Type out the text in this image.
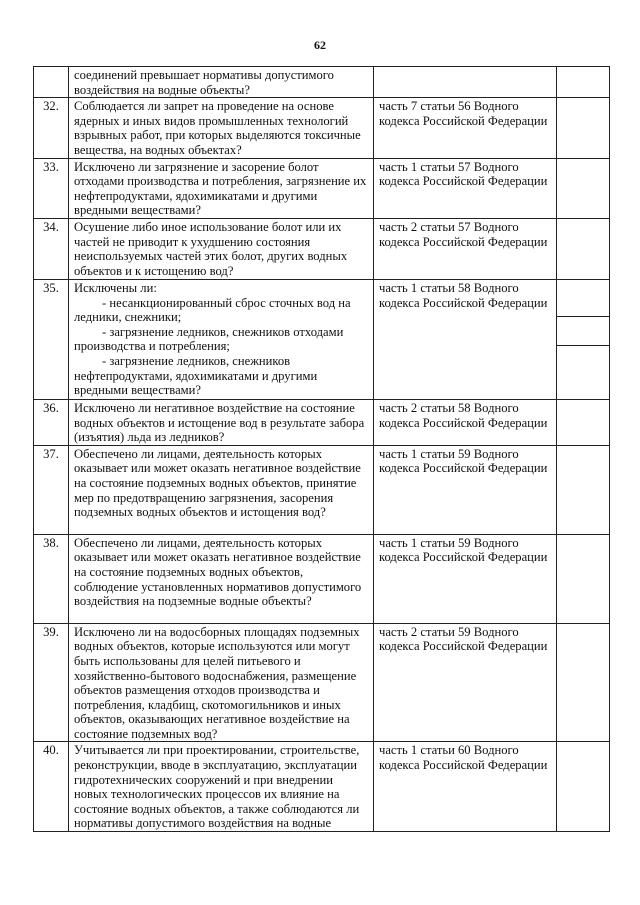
62
	соединений превышает нормативы допустимого воздействия на водные объекты?		
32.	Соблюдается ли запрет на проведение на основе ядерных и иных видов промышленных технологий взрывных работ, при которых выделяются токсичные вещества, на водных объектах?	часть 7 статьи 56 Водного кодекса Российской Федерации	
33.	Исключено ли загрязнение и засорение болот отходами производства и потребления, загрязнение их нефтепродуктами, ядохимикатами и другими вредными веществами?	часть 1 статьи 57 Водного кодекса Российской Федерации	
34.	Осушение либо иное использование болот или их частей не приводит к ухудшению состояния неиспользуемых частей этих болот, других водных объектов и к истощению вод?	часть 2 статьи 57 Водного кодекса Российской Федерации	
35.	Исключены ли:
- несанкционированный сброс сточных вод на ледники, снежники;
- загрязнение ледников, снежников отходами производства и потребления;
- загрязнение ледников, снежников нефтепродуктами, ядохимикатами и другими вредными веществами?	часть 1 статьи 58 Водного кодекса Российской Федерации	

36.	Исключено ли негативное воздействие на состояние водных объектов и истощение вод в результате забора (изъятия) льда из ледников?	часть 2 статьи 58 Водного кодекса Российской Федерации	
37.	Обеспечено ли лицами, деятельность которых оказывает или может оказать негативное воздействие на состояние подземных водных объектов, принятие мер по предотвращению загрязнения, засорения подземных водных объектов и истощения вод?	часть 1 статьи 59 Водного кодекса Российской Федерации	
38.	Обеспечено ли лицами, деятельность которых оказывает или может оказать негативное воздействие на состояние подземных водных объектов, соблюдение установленных нормативов допустимого воздействия на подземные водные объекты?	часть 1 статьи 59 Водного кодекса Российской Федерации	
39.	Исключено ли на водосборных площадях подземных водных объектов, которые используются или могут быть использованы для целей питьевого и хозяйственно-бытового водоснабжения, размещение объектов размещения отходов производства и потребления, кладбищ, скотомогильников и иных объектов, оказывающих негативное воздействие на состояние подземных вод?	часть 2 статьи 59 Водного кодекса Российской Федерации	
40.	Учитывается ли при проектировании, строительстве, реконструкции, вводе в эксплуатацию, эксплуатации гидротехнических сооружений и при внедрении новых технологических процессов их влияние на состояние водных объектов, а также соблюдаются ли нормативы допустимого воздействия на водные	часть 1 статьи 60 Водного кодекса Российской Федерации	
